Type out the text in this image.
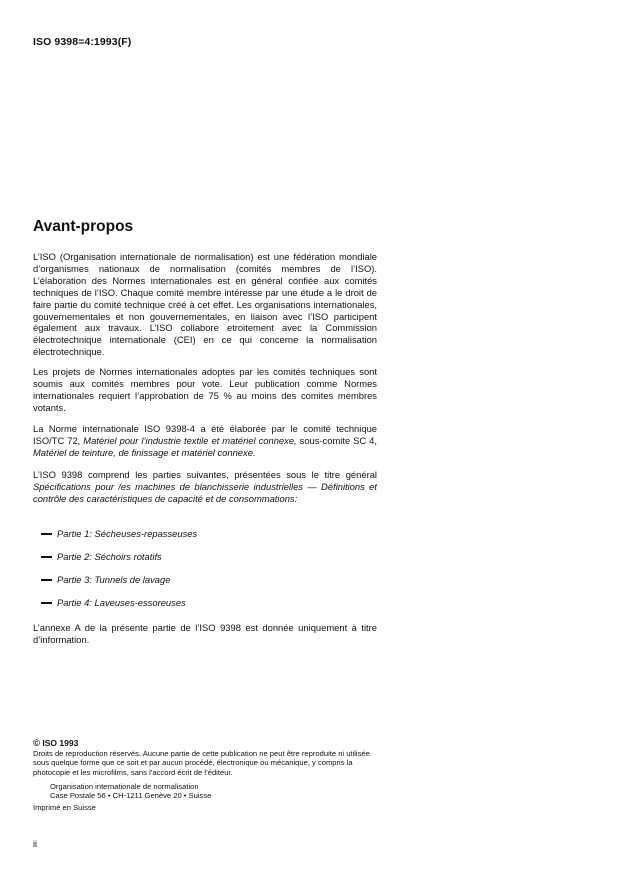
ISO 9398=4:1993(F)
Avant-propos
L’ISO (Organisation internationale de normalisation) est une fédération mondiale d’organismes nationaux de normalisation (comités membres de l’ISO). L’élaboration des Normes internationales est en général confiée aux comités techniques de l’ISO. Chaque comité membre intéresse par une étude a le droit de faire partie du comité technique créé à cet effet. Les organisations internationales, gouvernementales et non gouvernementales, en liaison avec l’ISO participent également aux travaux. L’ISO collabore etroitement avec la Commission électrotechnique internationale (CEI) en ce qui concerne la normalisation électrotechnique.
Les projets de Normes internationales adoptes par les comités techniques sont soumis aux comités membres pour vote. Leur publication comme Normes internationales requiert l’approbation de 75 % au moins des comites membres votants.
La Norme internationale ISO 9398-4 a été élaborée par le comité technique ISO/TC 72, Matériel pour l’industrie textile et matériel connexe, sous-comite SC 4, Matériel de teinture, de finissage et matériel connexe.
L’ISO 9398 comprend les parties suivantes, présentées sous le titre général Spécifications pour /es machines de blanchisserie industrielles — Définitions et contrôle des caractéristiques de capacité et de consommations:
Partie 1: Sécheuses-repasseuses
Partie 2: Séchoirs rotatifs
Partie 3: Tunnels de lavage
Partie 4: Laveuses-essoreuses
L’annexe A de la présente partie de l’ISO 9398 est donnée uniquement à titre d’information.
© ISO 1993
Droits de reproduction réservés. Aucune partie de cette publication ne peut être reproduite ni utilisée sous quelque forme que ce soit et par aucun procédé, électronique ou mécanique, y compris la photocopie et les microfilms, sans l’accord écrit de l’éditeur.
Organisation internationale de normalisation
Case Postale 56 • CH-1211 Genève 20 • Suisse
Imprimé en Suisse
ii
